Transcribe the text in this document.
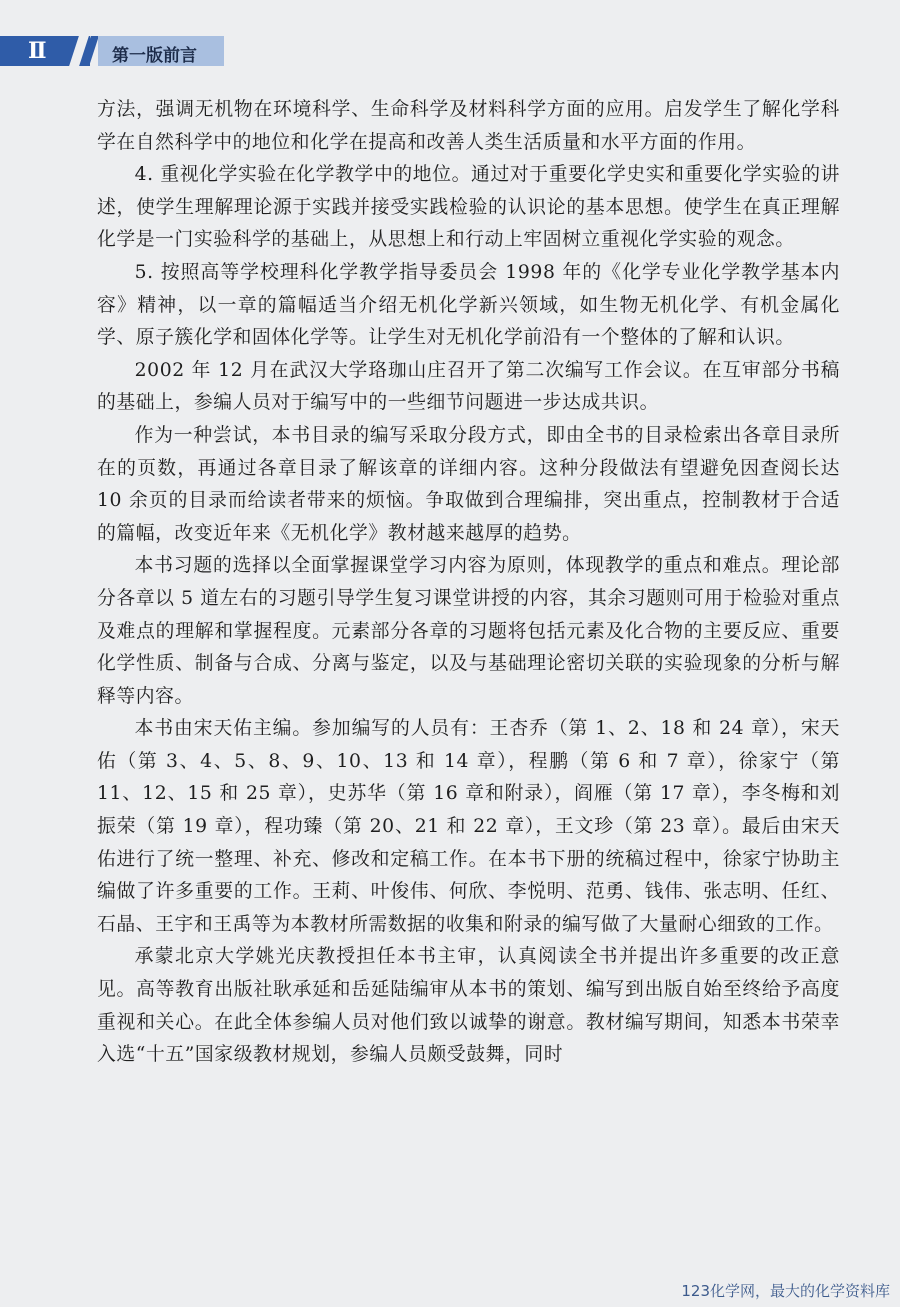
Ⅱ	第一版前言

方法，强调无机物在环境科学、生命科学及材料科学方面的应用。启发学生了解化学科学在自然科学中的地位和化学在提高和改善人类生活质量和水平方面的作用。

4. 重视化学实验在化学教学中的地位。通过对于重要化学史实和重要化学实验的讲述，使学生理解理论源于实践并接受实践检验的认识论的基本思想。使学生在真正理解化学是一门实验科学的基础上，从思想上和行动上牢固树立重视化学实验的观念。

5. 按照高等学校理科化学教学指导委员会 1998 年的《化学专业化学教学基本内容》精神，以一章的篇幅适当介绍无机化学新兴领域，如生物无机化学、有机金属化学、原子簇化学和固体化学等。让学生对无机化学前沿有一个整体的了解和认识。

2002 年 12 月在武汉大学珞珈山庄召开了第二次编写工作会议。在互审部分书稿的基础上，参编人员对于编写中的一些细节问题进一步达成共识。

作为一种尝试，本书目录的编写采取分段方式，即由全书的目录检索出各章目录所在的页数，再通过各章目录了解该章的详细内容。这种分段做法有望避免因查阅长达 10 余页的目录而给读者带来的烦恼。争取做到合理编排，突出重点，控制教材于合适的篇幅，改变近年来《无机化学》教材越来越厚的趋势。

本书习题的选择以全面掌握课堂学习内容为原则，体现教学的重点和难点。理论部分各章以 5 道左右的习题引导学生复习课堂讲授的内容，其余习题则可用于检验对重点及难点的理解和掌握程度。元素部分各章的习题将包括元素及化合物的主要反应、重要化学性质、制备与合成、分离与鉴定，以及与基础理论密切关联的实验现象的分析与解释等内容。

本书由宋天佑主编。参加编写的人员有：王杏乔（第 1、2、18 和 24 章），宋天佑（第 3、4、5、8、9、10、13 和 14 章），程鹏（第 6 和 7 章），徐家宁（第 11、12、15 和 25 章），史苏华（第 16 章和附录），阎雁（第 17 章），李冬梅和刘振荣（第 19 章），程功臻（第 20、21 和 22 章），王文珍（第 23 章）。最后由宋天佑进行了统一整理、补充、修改和定稿工作。在本书下册的统稿过程中，徐家宁协助主编做了许多重要的工作。王莉、叶俊伟、何欣、李悦明、范勇、钱伟、张志明、任红、石晶、王宇和王禹等为本教材所需数据的收集和附录的编写做了大量耐心细致的工作。

承蒙北京大学姚光庆教授担任本书主审，认真阅读全书并提出许多重要的改正意见。高等教育出版社耿承延和岳延陆编审从本书的策划、编写到出版自始至终给予高度重视和关心。在此全体参编人员对他们致以诚挚的谢意。教材编写期间，知悉本书荣幸入选“十五”国家级教材规划，参编人员颇受鼓舞，同时

123化学网，最大的化学资料库
